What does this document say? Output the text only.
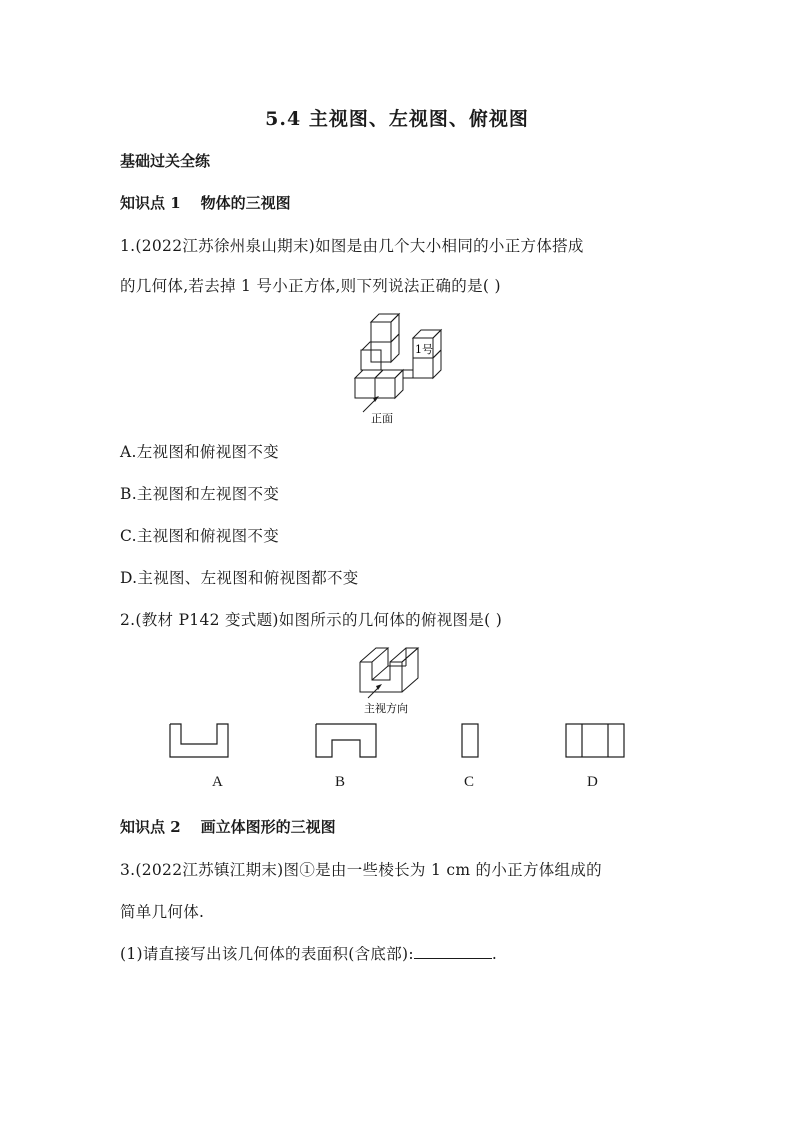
5.4 主视图、左视图、俯视图
基础过关全练
知识点 1 物体的三视图
1.(2022江苏徐州泉山期末)如图是由几个大小相同的小正方体搭成
的几何体,若去掉 1 号小正方体,则下列说法正确的是( )
1号
正面
A.左视图和俯视图不变
B.主视图和左视图不变
C.主视图和俯视图不变
D.主视图、左视图和俯视图都不变
2.(教材 P142 变式题)如图所示的几何体的俯视图是( )
主视方向
A	B	C	D
知识点 2 画立体图形的三视图
3.(2022江苏镇江期末)图①是由一些棱长为 1 cm 的小正方体组成的
简单几何体.
(1)请直接写出该几何体的表面积(含底部):	.
